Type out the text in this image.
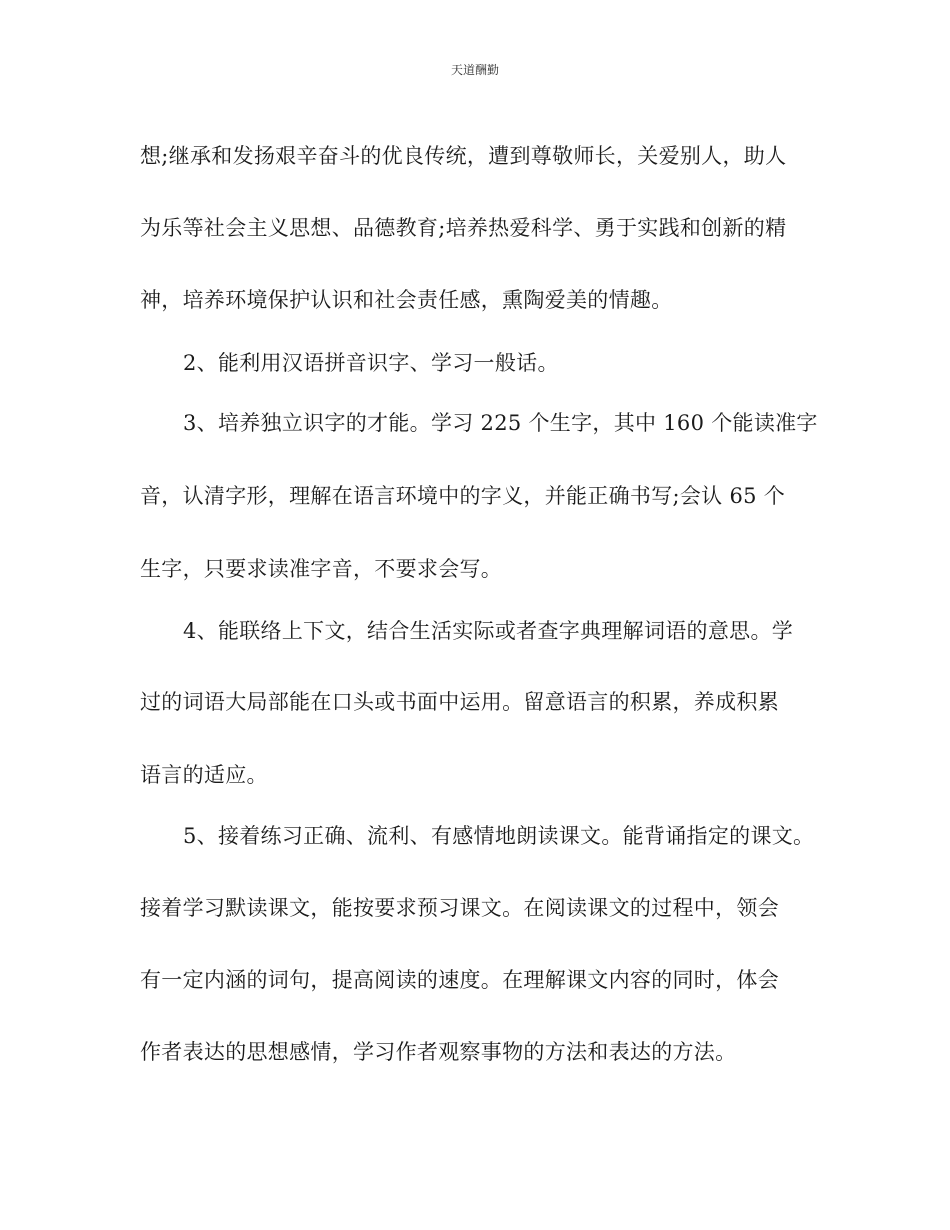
天道酬勤
想;继承和发扬艰辛奋斗的优良传统，遭到尊敬师长，关爱别人，助人
为乐等社会主义思想、品德教育;培养热爱科学、勇于实践和创新的精
神，培养环境保护认识和社会责任感，熏陶爱美的情趣。
2、能利用汉语拼音识字、学习一般话。
3、培养独立识字的才能。学习 225 个生字，其中 160 个能读准字
音，认清字形，理解在语言环境中的字义，并能正确书写;会认 65 个
生字，只要求读准字音，不要求会写。
4、能联络上下文，结合生活实际或者查字典理解词语的意思。学
过的词语大局部能在口头或书面中运用。留意语言的积累，养成积累
语言的适应。
5、接着练习正确、流利、有感情地朗读课文。能背诵指定的课文。
接着学习默读课文，能按要求预习课文。在阅读课文的过程中，领会
有一定内涵的词句，提高阅读的速度。在理解课文内容的同时，体会
作者表达的思想感情，学习作者观察事物的方法和表达的方法。
